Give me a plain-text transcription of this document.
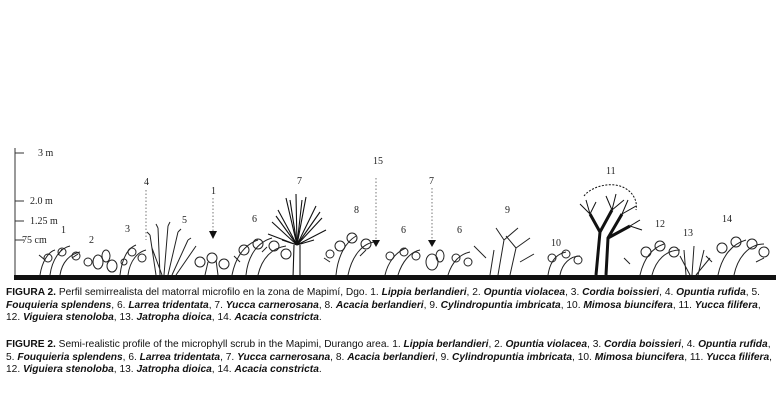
3 m
2.0 m
1.25 m
75 cm
1
2
3
4
1
5	6
7
8
15
6
7
6
9
10
11
12
13
14
FIGURA 2. Perfil semirrealista del matorral microfilo en la zona de Mapimí, Dgo. 1. Lippia berlandieri, 2. Opuntia violacea, 3. Cordia boissieri, 4. Opuntia rufida, 5. Fouquieria splendens, 6. Larrea tridentata, 7. Yucca carnerosana, 8. Acacia berlandieri, 9. Cylindropuntia imbricata, 10. Mimosa biuncifera, 11. Yucca filifera, 12. Viguiera stenoloba, 13. Jatropha dioica, 14. Acacia constricta.
FIGURE 2. Semi-realistic profile of the microphyll scrub in the Mapimi, Durango area. 1. Lippia berlandieri, 2. Opuntia violacea, 3. Cordia boissieri, 4. Opuntia rufida, 5. Fouquieria splendens, 6. Larrea tridentata, 7. Yucca carnerosana, 8. Acacia berlandieri, 9. Cylindropuntia imbricata, 10. Mimosa biuncifera, 11. Yucca filifera, 12. Viguiera stenoloba, 13. Jatropha dioica, 14. Acacia constricta.
